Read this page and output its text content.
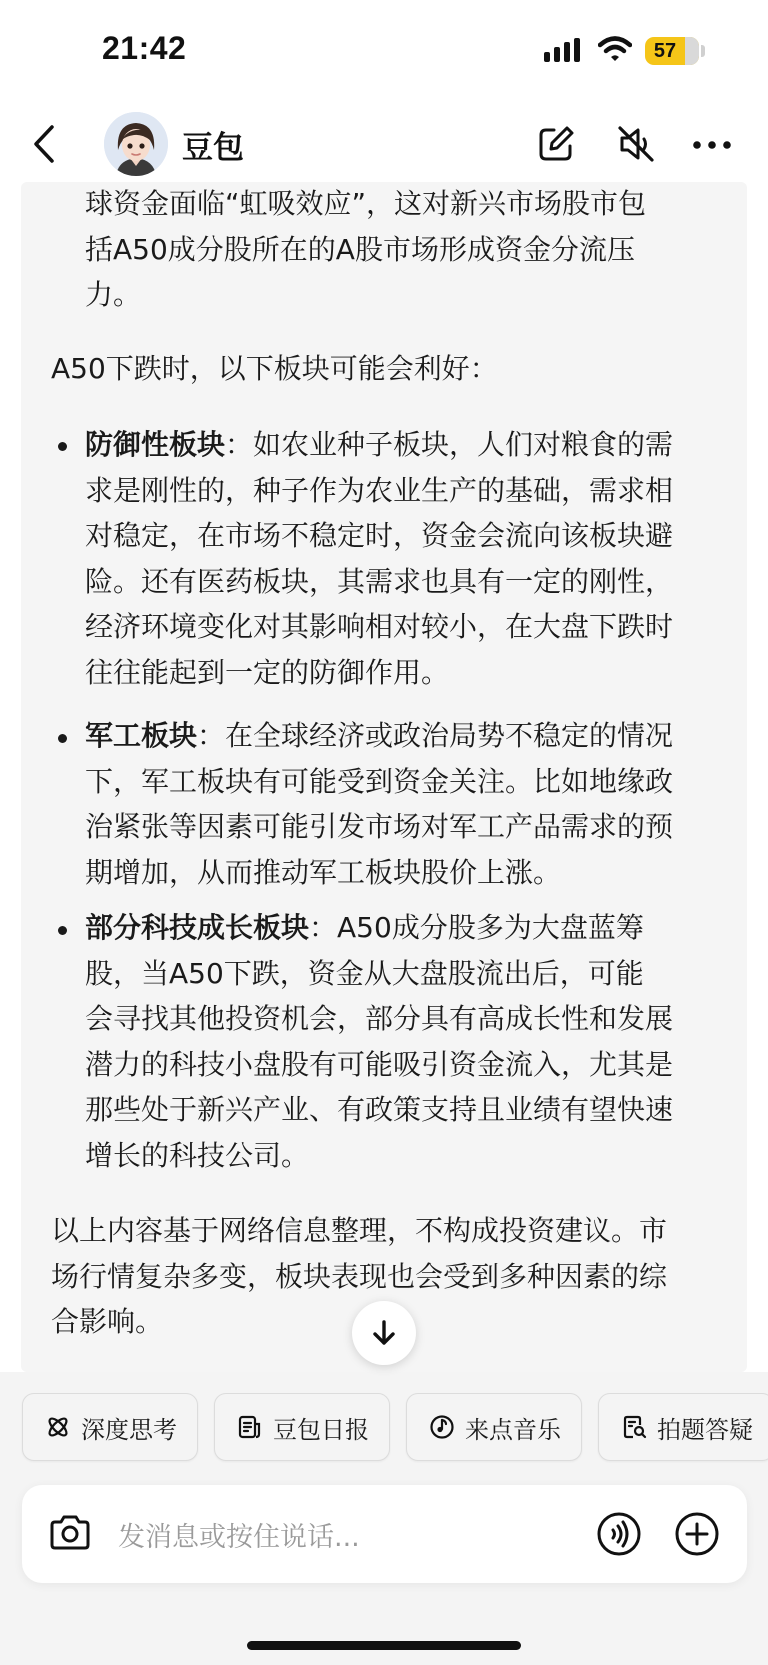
21:42	57
豆包
球资金面临“虹吸效应”，这对新兴市场股市包
括A50成分股所在的A股市场形成资金分流压
力。
A50下跌时，以下板块可能会利好：
防御性板块：如农业种子板块，人们对粮食的需
求是刚性的，种子作为农业生产的基础，需求相
对稳定，在市场不稳定时，资金会流向该板块避
险。还有医药板块，其需求也具有一定的刚性，
经济环境变化对其影响相对较小，在大盘下跌时
往往能起到一定的防御作用。
军工板块：在全球经济或政治局势不稳定的情况
下，军工板块有可能受到资金关注。比如地缘政
治紧张等因素可能引发市场对军工产品需求的预
期增加，从而推动军工板块股价上涨。
部分科技成长板块：A50成分股多为大盘蓝筹
股，当A50下跌，资金从大盘股流出后，可能
会寻找其他投资机会，部分具有高成长性和发展
潜力的科技小盘股有可能吸引资金流入，尤其是
那些处于新兴产业、有政策支持且业绩有望快速
增长的科技公司。
以上内容基于网络信息整理，不构成投资建议。市
场行情复杂多变，板块表现也会受到多种因素的综
合影响。
深度思考	豆包日报	来点音乐	拍题答疑
发消息或按住说话...
